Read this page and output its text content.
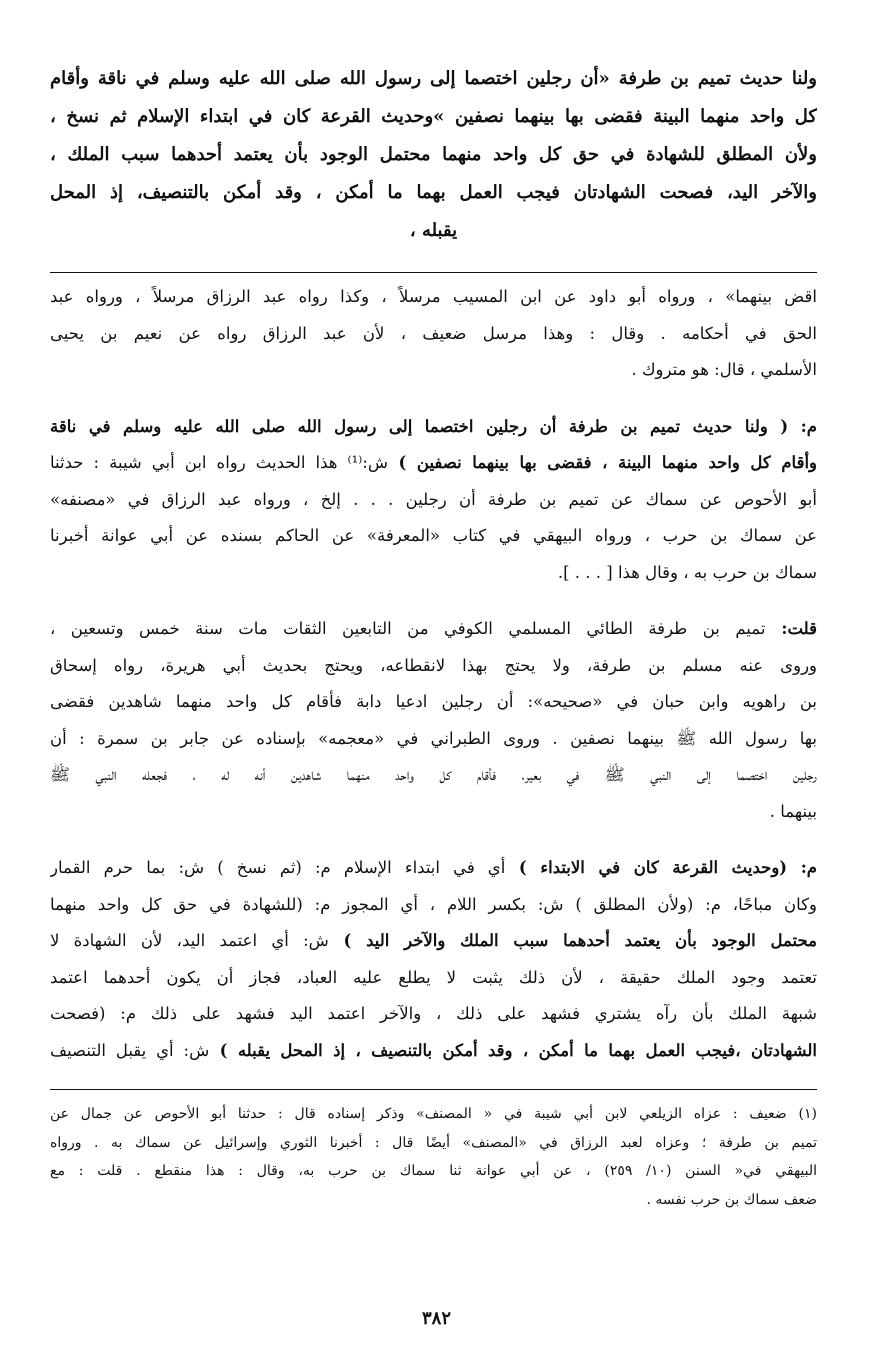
ولنا حديث تميم بن طرفة «أن رجلين اختصما إلى رسول الله صلى الله عليه وسلم في ناقة وأقام
كل واحد منهما البينة فقضى بها بينهما نصفين »وحديث القرعة كان في ابتداء الإسلام ثم نسخ ،
ولأن المطلق للشهادة في حق كل واحد منهما محتمل الوجود بأن يعتمد أحدهما سبب الملك ،
والآخر اليد، فصحت الشهادتان فيجب العمل بهما ما أمكن ، وقد أمكن بالتنصيف، إذ المحل
يقبله ،
اقض بينهما» ، ورواه أبو داود عن ابن المسيب مرسلاً ، وكذا رواه عبد الرزاق مرسلاً ، ورواه عبد
الحق في أحكامه . وقال : وهذا مرسل ضعيف ، لأن عبد الرزاق رواه عن نعيم بن يحيى
الأسلمي ، قال: هو متروك .
م: ( ولنا حديث تميم بن طرفة أن رجلين اختصما إلى رسول الله صلى الله عليه وسلم في ناقة
وأقام كل واحد منهما البينة ، فقضى بها بينهما نصفين ) ش:⁽¹⁾ هذا الحديث رواه ابن أبي شيبة : حدثنا
أبو الأحوص عن سماك عن تميم بن طرفة أن رجلين . . . إلخ ، ورواه عبد الرزاق في «مصنفه»
عن سماك بن حرب ، ورواه البيهقي في كتاب «المعرفة» عن الحاكم بسنده عن أبي عوانة أخبرنا
سماك بن حرب به ، وقال هذا [ . . . ].
قلت: تميم بن طرفة الطائي المسلمي الكوفي من التابعين الثقات مات سنة خمس وتسعين ،
وروى عنه مسلم بن طرفة، ولا يحتج بهذا لانقطاعه، ويحتج بحديث أبي هريرة، رواه إسحاق
بن راهويه وابن حبان في «صحيحه»: أن رجلين ادعيا دابة فأقام كل واحد منهما شاهدين فقضى
بها رسول الله ﷺ بينهما نصفين . وروى الطبراني في «معجمه» بإسناده عن جابر بن سمرة : أن
رجلين اختصما إلى النبي ﷺ في بعير، فأقام كل واحد منهما شاهدين أنه له ، فجعله النبي ﷺ
بينهما .
م: (وحديث القرعة كان في الابتداء ) أي في ابتداء الإسلام م: (ثم نسخ ) ش: بما حرم القمار
وكان مباحًا، م: (ولأن المطلق ) ش: بكسر اللام ، أي المجوز م: (للشهادة في حق كل واحد منهما
محتمل الوجود بأن يعتمد أحدهما سبب الملك والآخر اليد ) ش: أي اعتمد اليد، لأن الشهادة لا
تعتمد وجود الملك حقيقة ، لأن ذلك يثبت لا يطلع عليه العباد، فجاز أن يكون أحدهما اعتمد
شبهة الملك بأن رآه يشتري فشهد على ذلك ، والآخر اعتمد اليد فشهد على ذلك م: (فصحت
الشهادتان ،فيجب العمل بهما ما أمكن ، وقد أمكن بالتنصيف ، إذ المحل يقبله ) ش: أي يقبل التنصيف
(١) ضعيف : عزاه الزيلعي لابن أبي شيبة في « المصنف» وذكر إسناده قال : حدثنا أبو الأحوص عن جمال عن
تميم بن طرفة ؛ وعزاه لعبد الرزاق في «المصنف» أيضًا قال : أخبرنا الثوري وإسرائيل عن سماك به . ورواه
البيهقي في« السنن (١٠/ ٢٥٩) ، عن أبي عوانة ثنا سماك بن حرب به، وقال : هذا منقطع . قلت : مع
ضعف سماك بن حرب نفسه .
٣٨٢
